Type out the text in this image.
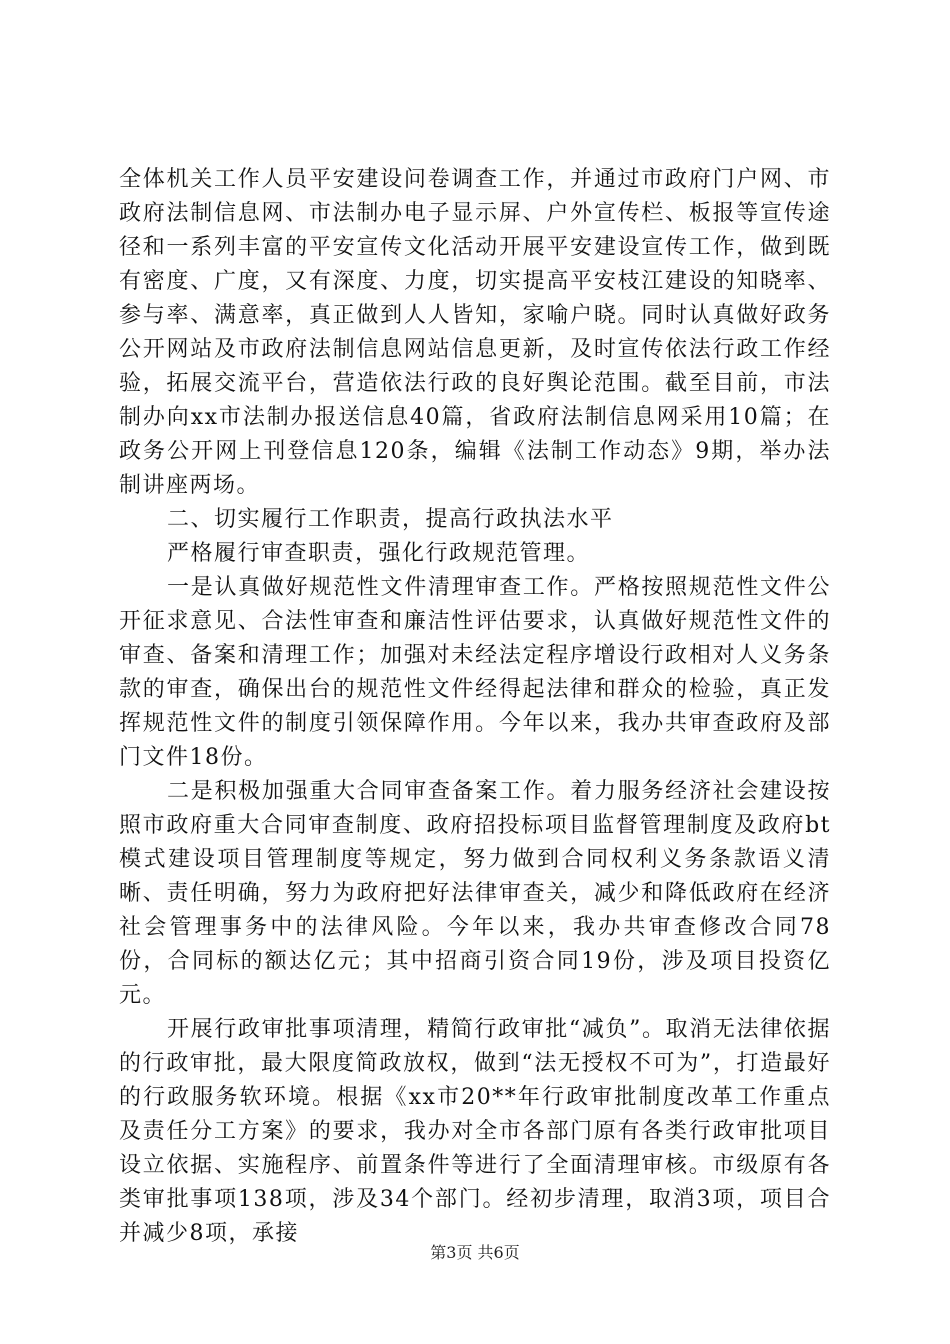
全体机关工作人员平安建设问卷调查工作，并通过市政府门户网、市政府法制信息网、市法制办电子显示屏、户外宣传栏、板报等宣传途径和一系列丰富的平安宣传文化活动开展平安建设宣传工作，做到既有密度、广度，又有深度、力度，切实提高平安枝江建设的知晓率、参与率、满意率，真正做到人人皆知，家喻户晓。同时认真做好政务公开网站及市政府法制信息网站信息更新，及时宣传依法行政工作经验，拓展交流平台，营造依法行政的良好舆论范围。截至目前，市法制办向xx市法制办报送信息40篇，省政府法制信息网采用10篇；在政务公开网上刊登信息120条，编辑《法制工作动态》9期，举办法制讲座两场。

二、切实履行工作职责，提高行政执法水平

严格履行审查职责，强化行政规范管理。

一是认真做好规范性文件清理审查工作。严格按照规范性文件公开征求意见、合法性审查和廉洁性评估要求，认真做好规范性文件的审查、备案和清理工作；加强对未经法定程序增设行政相对人义务条款的审查，确保出台的规范性文件经得起法律和群众的检验，真正发挥规范性文件的制度引领保障作用。今年以来，我办共审查政府及部门文件18份。

二是积极加强重大合同审查备案工作。着力服务经济社会建设按照市政府重大合同审查制度、政府招投标项目监督管理制度及政府bt模式建设项目管理制度等规定，努力做到合同权利义务条款语义清晰、责任明确，努力为政府把好法律审查关，减少和降低政府在经济社会管理事务中的法律风险。今年以来，我办共审查修改合同78份，合同标的额达亿元；其中招商引资合同19份，涉及项目投资亿元。

开展行政审批事项清理，精简行政审批“减负”。取消无法律依据的行政审批，最大限度简政放权，做到“法无授权不可为”，打造最好的行政服务软环境。根据《xx市20**年行政审批制度改革工作重点及责任分工方案》的要求，我办对全市各部门原有各类行政审批项目设立依据、实施程序、前置条件等进行了全面清理审核。市级原有各类审批事项138项，涉及34个部门。经初步清理，取消3项，项目合并减少8项，承接

第3页 共6页
